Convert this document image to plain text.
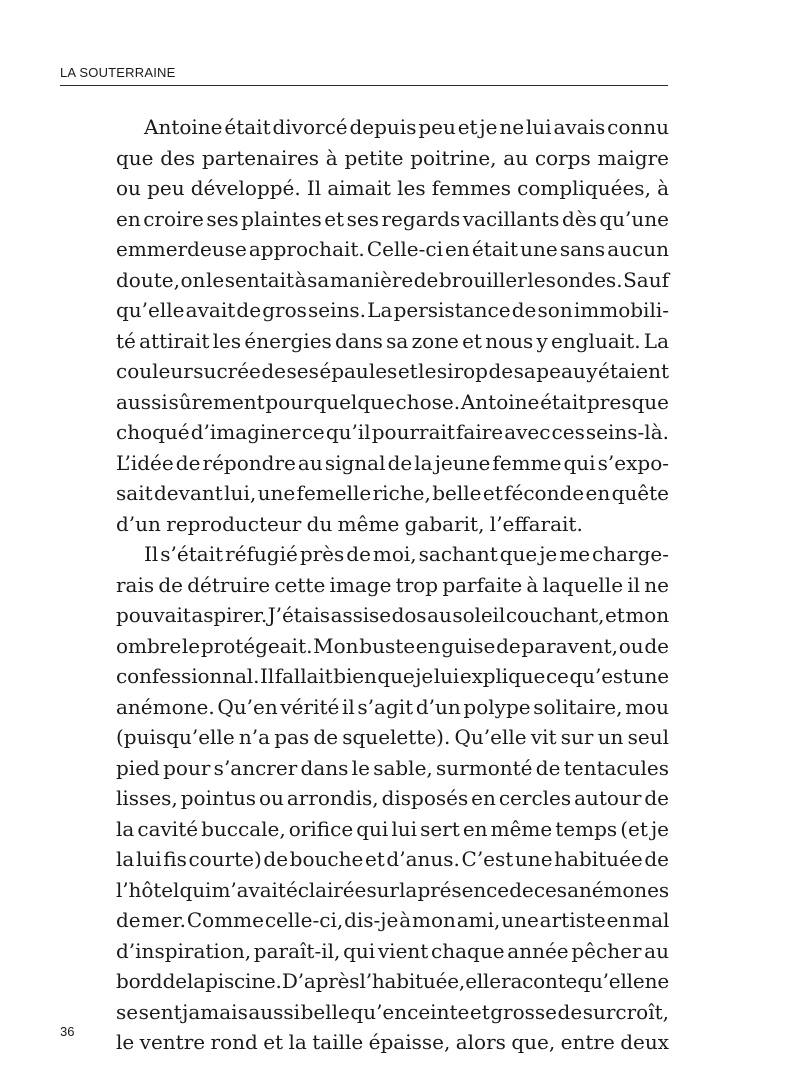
LA SOUTERRAINE
Antoine était divorcé depuis peu et je ne lui avais connu
que des partenaires à petite poitrine, au corps maigre
ou peu développé. Il aimait les femmes compliquées, à
en croire ses plaintes et ses regards vacillants dès qu’une
emmerdeuse approchait. Celle-ci en était une sans aucun
doute, on le sentait à sa manière de brouiller les ondes. Sauf
qu’elle avait de gros seins. La persistance de son immobili-
té attirait les énergies dans sa zone et nous y engluait. La
couleur sucrée de ses épaules et le sirop de sa peau y étaient
aussi sûrement pour quelque chose. Antoine était presque
choqué d’imaginer ce qu’il pourrait faire avec ces seins-là.
L’idée de répondre au signal de la jeune femme qui s’expo-
sait devant lui, une femelle riche, belle et féconde en quête
d’un reproducteur du même gabarit, l’effarait.
Il s’était réfugié près de moi, sachant que je me charge-
rais de détruire cette image trop parfaite à laquelle il ne
pouvait aspirer. J’étais assise dos au soleil couchant, et mon
ombre le protégeait. Mon buste en guise de paravent, ou de
confessionnal. Il fallait bien que je lui explique ce qu’est une
anémone. Qu’en vérité il s’agit d’un polype solitaire, mou
(puisqu’elle n’a pas de squelette). Qu’elle vit sur un seul
pied pour s’ancrer dans le sable, surmonté de tentacules
lisses, pointus ou arrondis, disposés en cercles autour de
la cavité buccale, orifice qui lui sert en même temps (et je
la lui fis courte) de bouche et d’anus. C’est une habituée de
l’hôtel qui m’avait éclairée sur la présence de ces anémones
de mer. Comme celle-ci, dis-je à mon ami, une artiste en mal
d’inspiration, paraît-il, qui vient chaque année pêcher au
bord de la piscine. D’après l’habituée, elle raconte qu’elle ne
se sent jamais aussi belle qu’enceinte et grosse de surcroît,
le ventre rond et la taille épaisse, alors que, entre deux
36
